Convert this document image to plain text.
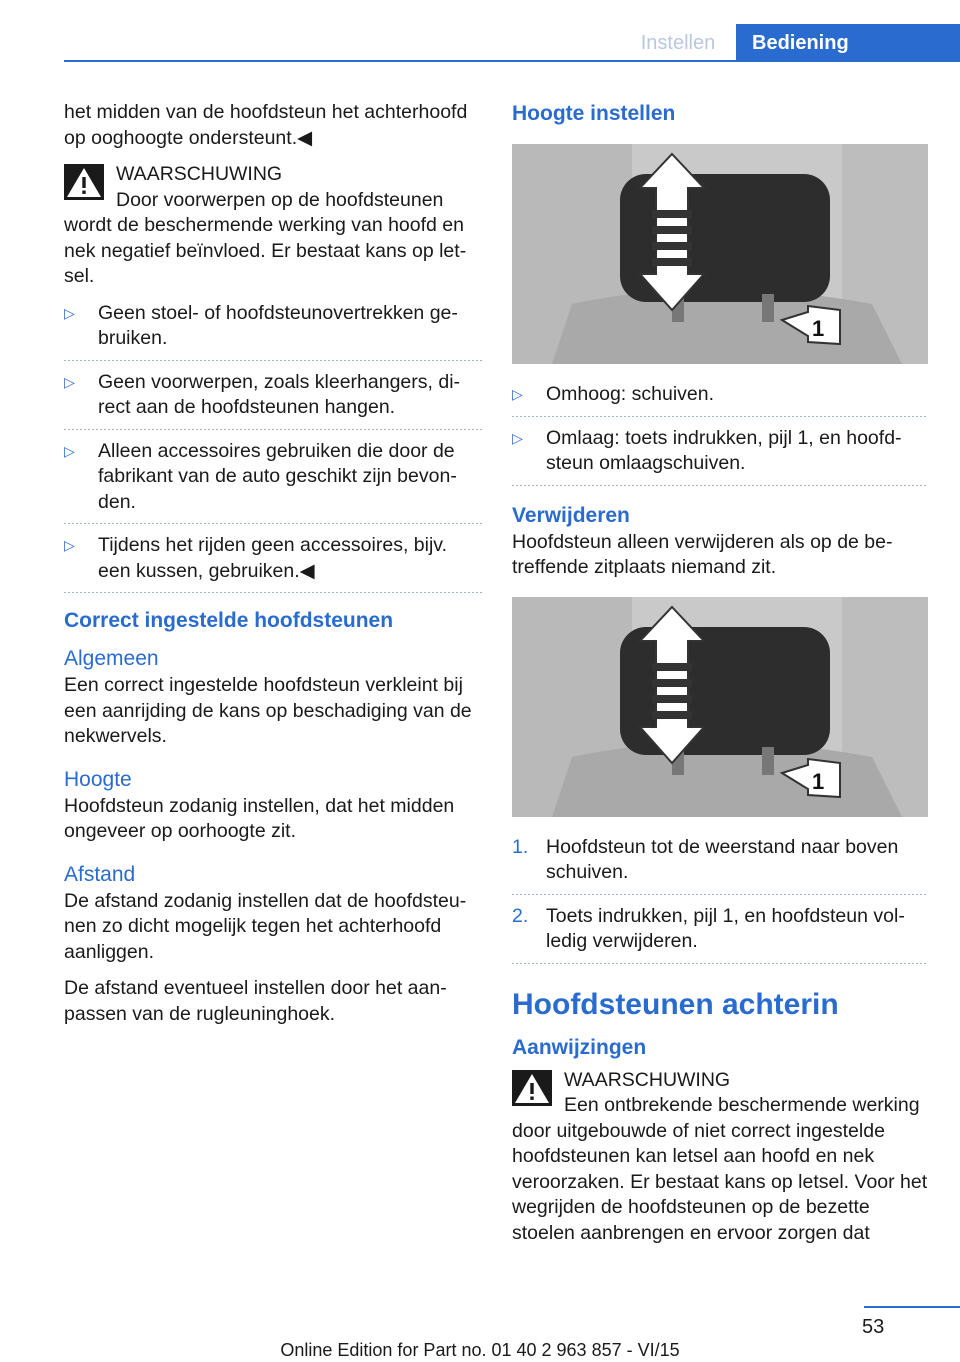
Instellen	Bediening

het midden van de hoofdsteun het achterhoofd op ooghoogte ondersteunt.◀

WAARSCHUWING

Door voorwerpen op de hoofdsteunen wordt de beschermende werking van hoofd en nek negatief beïnvloed. Er bestaat kans op letsel.

▷ Geen stoel- of hoofdsteunovertrekken gebruiken.
▷ Geen voorwerpen, zoals kleerhangers, direct aan de hoofdsteunen hangen.
▷ Alleen accessoires gebruiken die door de fabrikant van de auto geschikt zijn bevonden.
▷ Tijdens het rijden geen accessoires, bijv. een kussen, gebruiken.◀
Correct ingestelde hoofdsteunen
Algemeen

Een correct ingestelde hoofdsteun verkleint bij een aanrijding de kans op beschadiging van de nekwervels.

Hoogte

Hoofdsteun zodanig instellen, dat het midden ongeveer op oorhoogte zit.

Afstand

De afstand zodanig instellen dat de hoofdsteunen zo dicht mogelijk tegen het achterhoofd aanliggen.

De afstand eventueel instellen door het aanpassen van de rugleuninghoek.

Hoogte instellen
1
▷ Omhoog: schuiven.
▷ Omlaag: toets indrukken, pijl 1, en hoofdsteun omlaagschuiven.
Verwijderen

Hoofdsteun alleen verwijderen als op de betreffende zitplaats niemand zit.

1
1. Hoofdsteun tot de weerstand naar boven schuiven.
2. Toets indrukken, pijl 1, en hoofdsteun volledig verwijderen.
Hoofdsteunen achterin
Aanwijzingen
WAARSCHUWING

Een ontbrekende beschermende werking door uitgebouwde of niet correct ingestelde hoofdsteunen kan letsel aan hoofd en nek veroorzaken. Er bestaat kans op letsel. Voor het wegrijden de hoofdsteunen op de bezette stoelen aanbrengen en ervoor zorgen dat

53
Online Edition for Part no. 01 40 2 963 857 - VI/15
